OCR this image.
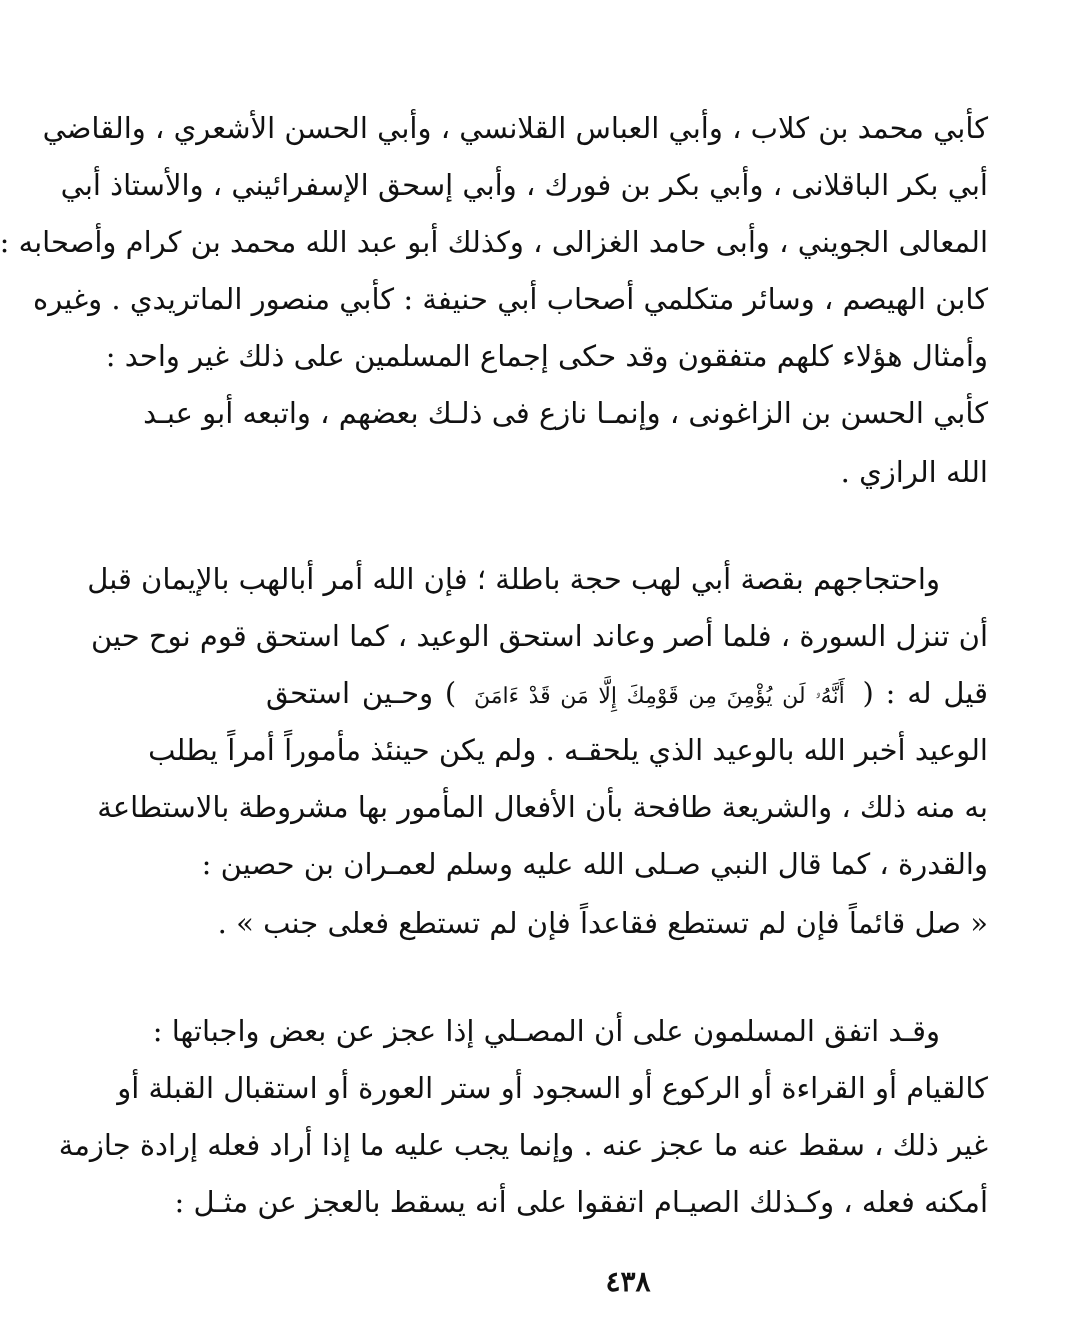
كأبي محمد بن كلاب ، وأبي العباس القلانسي ، وأبي الحسن الأشعري ، والقاضي
أبي بكر الباقلانى ، وأبي بكر بن فورك ، وأبي إسحق الإسفرائيني ، والأستاذ أبي
المعالى الجويني ، وأبى حامد الغزالى ، وكذلك أبو عبد الله محمد بن كرام وأصحابه :
كابن الهيصم ، وسائر متكلمي أصحاب أبي حنيفة : كأبي منصور الماتريدي . وغيره
وأمثال هؤلاء كلهم متفقون وقد حكى إجماع المسلمين على ذلك غير واحد :
كأبي الحسن بن الزاغونى ، وإنمـا نازع فى ذلـك بعضهم ، واتبعه أبو عبـد
الله الرازي .
واحتجاجهم بقصة أبي لهب حجة باطلة ؛ فإن الله أمر أبالهب بالإيمان قبل
أن تنزل السورة ، فلما أصر وعاند استحق الوعيد ، كما استحق قوم نوح حين
قيل له : ( أَنَّهُۥ لَن يُؤْمِنَ مِن قَوْمِكَ إِلَّا مَن قَدْ ءَامَنَ ) وحـين استحق
الوعيد أخبر الله بالوعيد الذي يلحقـه . ولم يكن حينئذ مأموراً أمراً يطلب
به منه ذلك ، والشريعة طافحة بأن الأفعال المأمور بها مشروطة بالاستطاعة
والقدرة ، كما قال النبي صـلى الله عليه وسلم لعمـران بن حصين :
« صل قائماً فإن لم تستطع فقاعداً فإن لم تستطع فعلى جنب » .
وقـد اتفق المسلمون على أن المصـلي إذا عجز عن بعض واجباتها :
كالقيام أو القراءة أو الركوع أو السجود أو ستر العورة أو استقبال القبلة أو
غير ذلك ، سقط عنه ما عجز عنه . وإنما يجب عليه ما إذا أراد فعله إرادة جازمة
أمكنه فعله ، وكـذلك الصيـام اتفقوا على أنه يسقط بالعجز عن مثـل :
٤٣٨
